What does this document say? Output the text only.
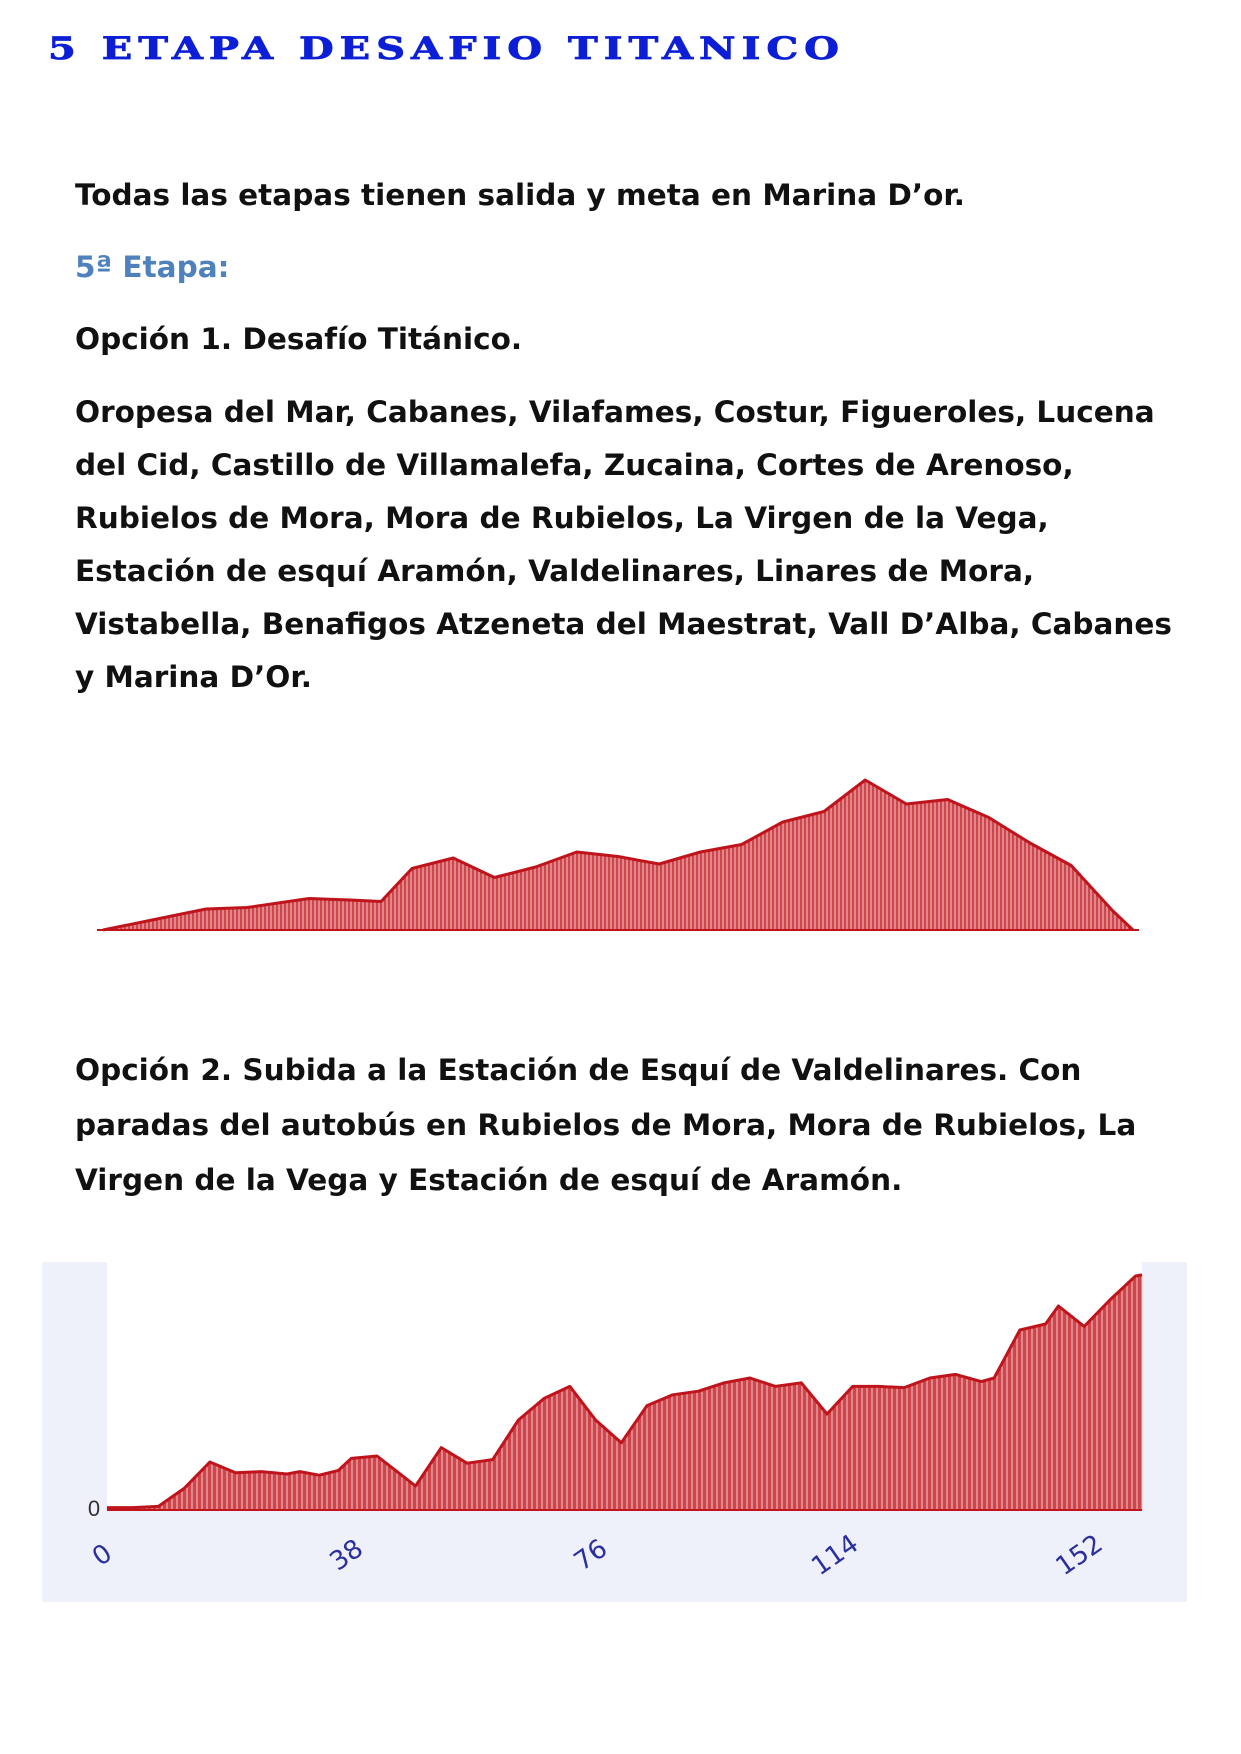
5 ETAPA DESAFIO TITANICO

Todas las etapas tienen salida y meta en Marina D’or.

5ª Etapa:

Opción 1. Desafío Titánico.

Oropesa del Mar, Cabanes, Vilafames, Costur, Figueroles, Lucena del Cid, Castillo de Villamalefa, Zucaina, Cortes de Arenoso, Rubielos de Mora, Mora de Rubielos, La Virgen de la Vega, Estación de esquí Aramón, Valdelinares, Linares de Mora, Vistabella, Benafigos Atzeneta del Maestrat, Vall D’Alba, Cabanes y Marina D’Or.

Opción 2. Subida a la Estación de Esquí de Valdelinares. Con paradas del autobús en Rubielos de Mora, Mora de Rubielos, La Virgen de la Vega y Estación de esquí de Aramón.

0
0	38	76	114	152
